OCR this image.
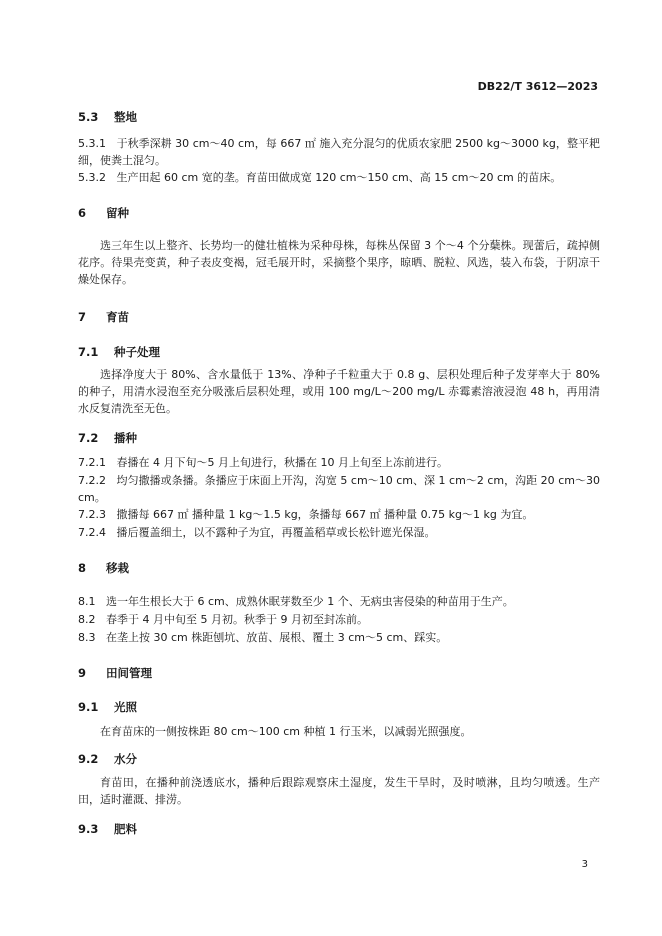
DB22/T 3612—2023
5.3 整地
5.3.1 于秋季深耕 30 cm～40 cm，每 667 ㎡ 施入充分混匀的优质农家肥 2500 kg～3000 kg，整平耙细，使粪土混匀。
5.3.2 生产田起 60 cm 宽的垄。育苗田做成宽 120 cm～150 cm、高 15 cm～20 cm 的苗床。
6 留种
选三年生以上整齐、长势均一的健壮植株为采种母株，每株丛保留 3 个～4 个分蘖株。现蕾后，疏掉侧花序。待果壳变黄，种子表皮变褐，冠毛展开时，采摘整个果序，晾晒、脱粒、风选，装入布袋，于阴凉干燥处保存。
7 育苗
7.1 种子处理
选择净度大于 80%、含水量低于 13%、净种子千粒重大于 0.8 g、层积处理后种子发芽率大于 80% 的种子，用清水浸泡至充分吸涨后层积处理，或用 100 mg/L～200 mg/L 赤霉素溶液浸泡 48 h，再用清水反复清洗至无色。
7.2 播种
7.2.1 春播在 4 月下旬～5 月上旬进行，秋播在 10 月上旬至上冻前进行。
7.2.2 均匀撒播或条播。条播应于床面上开沟，沟宽 5 cm～10 cm、深 1 cm～2 cm，沟距 20 cm～30 cm。
7.2.3 撒播每 667 ㎡ 播种量 1 kg～1.5 kg，条播每 667 ㎡ 播种量 0.75 kg～1 kg 为宜。
7.2.4 播后覆盖细土，以不露种子为宜，再覆盖稻草或长松针遮光保湿。
8 移栽
8.1 选一年生根长大于 6 cm、成熟休眠芽数至少 1 个、无病虫害侵染的种苗用于生产。
8.2 春季于 4 月中旬至 5 月初。秋季于 9 月初至封冻前。
8.3 在垄上按 30 cm 株距刨坑、放苗、展根、覆土 3 cm～5 cm、踩实。
9 田间管理
9.1 光照
在育苗床的一侧按株距 80 cm～100 cm 种植 1 行玉米，以减弱光照强度。
9.2 水分
育苗田，在播种前浇透底水，播种后跟踪观察床土湿度，发生干旱时，及时喷淋，且均匀喷透。生产田，适时灌溉、排涝。
9.3 肥料
3
